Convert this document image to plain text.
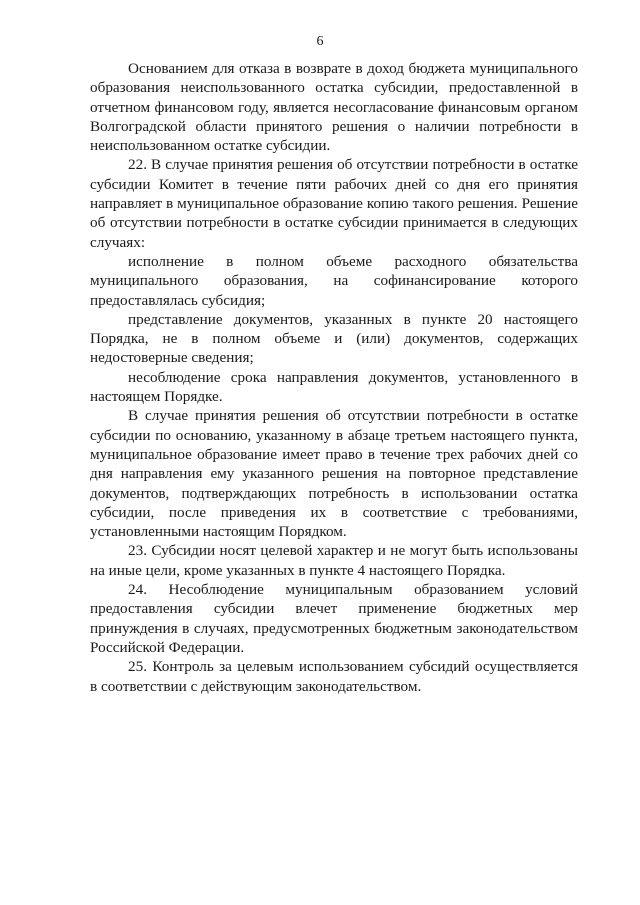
6

Основанием для отказа в возврате в доход бюджета муниципального образования неиспользованного остатка субсидии, предоставленной в отчетном финансовом году, является несогласование финансовым органом Волгоградской области принятого решения о наличии потребности в неиспользованном остатке субсидии.

22. В случае принятия решения об отсутствии потребности в остатке субсидии Комитет в течение пяти рабочих дней со дня его принятия направляет в муниципальное образование копию такого решения. Решение об отсутствии потребности в остатке субсидии принимается в следующих случаях:

исполнение в полном объеме расходного обязательства муниципального образования, на софинансирование которого предоставлялась субсидия;

представление документов, указанных в пункте 20 настоящего Порядка, не в полном объеме и (или) документов, содержащих недостоверные сведения;

несоблюдение срока направления документов, установленного в настоящем Порядке.

В случае принятия решения об отсутствии потребности в остатке субсидии по основанию, указанному в абзаце третьем настоящего пункта, муниципальное образование имеет право в течение трех рабочих дней со дня направления ему указанного решения на повторное представление документов, подтверждающих потребность в использовании остатка субсидии, после приведения их в соответствие с требованиями, установленными настоящим Порядком.

23. Субсидии носят целевой характер и не могут быть использованы на иные цели, кроме указанных в пункте 4 настоящего Порядка.

24. Несоблюдение муниципальным образованием условий предоставления субсидии влечет применение бюджетных мер принуждения в случаях, предусмотренных бюджетным законодательством Российской Федерации.

25. Контроль за целевым использованием субсидий осуществляется в соответствии с действующим законодательством.
